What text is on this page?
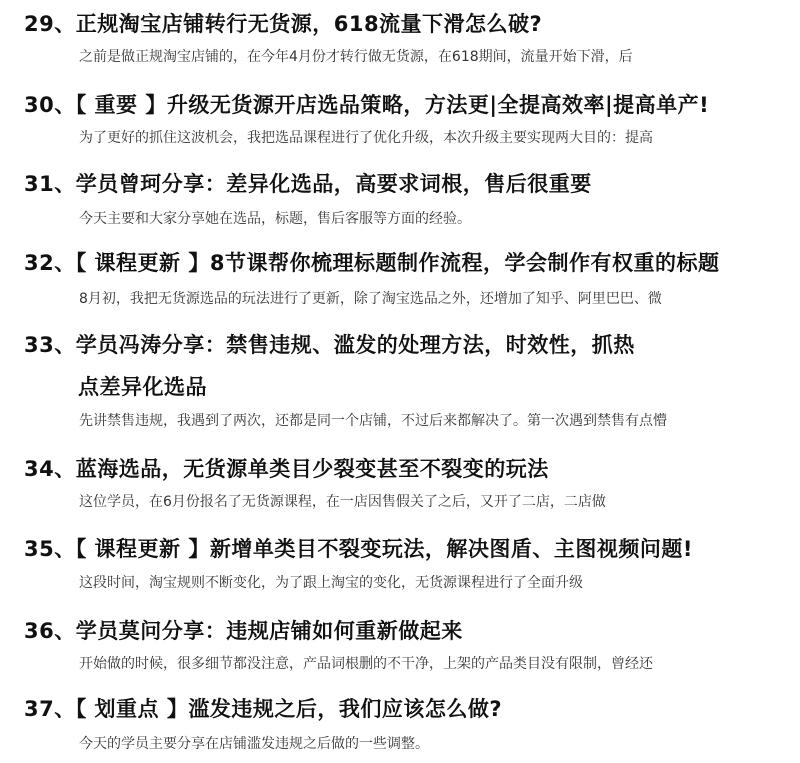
29、正规淘宝店铺转行无货源，618流量下滑怎么破?
之前是做正规淘宝店铺的，在今年4月份才转行做无货源，在618期间，流量开始下滑，后
30、【 重要 】升级无货源开店选品策略，方法更|全提高效率|提高单产!
为了更好的抓住这波机会，我把选品课程进行了优化升级，本次升级主要实现两大目的：提高
31、学员曾珂分享：差异化选品，高要求词根，售后很重要
今天主要和大家分享她在选品，标题，售后客服等方面的经验。
32、【 课程更新 】8节课帮你梳理标题制作流程，学会制作有权重的标题
8月初，我把无货源选品的玩法进行了更新，除了淘宝选品之外，还增加了知乎、阿里巴巴、微
33、学员冯涛分享：禁售违规、滥发的处理方法，时效性，抓热
点差异化选品
先讲禁售违规，我遇到了两次，还都是同一个店铺，不过后来都解决了。第一次遇到禁售有点懵
34、蓝海选品，无货源单类目少裂变甚至不裂变的玩法
这位学员，在6月份报名了无货源课程，在一店因售假关了之后，又开了二店，二店做
35、【 课程更新 】新增单类目不裂变玩法，解决图盾、主图视频问题!
这段时间，淘宝规则不断变化，为了跟上淘宝的变化，无货源课程进行了全面升级
36、学员莫问分享：违规店铺如何重新做起来
开始做的时候，很多细节都没注意，产品词根删的不干净，上架的产品类目没有限制，曾经还
37、【 划重点 】滥发违规之后，我们应该怎么做?
今天的学员主要分享在店铺滥发违规之后做的一些调整。
